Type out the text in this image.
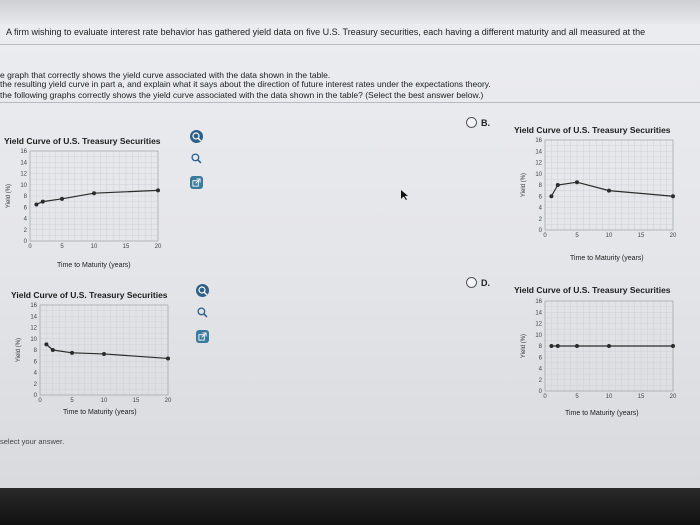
A firm wishing to evaluate interest rate behavior has gathered yield data on five U.S. Treasury securities, each having a different maturity and all measured at the
e graph that correctly shows the yield curve associated with the data shown in the table.
the resulting yield curve in part a, and explain what it says about the direction of future interest rates under the expectations theory.
the following graphs correctly shows the yield curve associated with the data shown in the table? (Select the best answer below.)
B.
D.
Yield Curve of U.S. Treasury Securities
16
14
12
10
8
6
4
2
0
0	5	10	15	20
Yield (%)
Time to Maturity (years)
Yield Curve of U.S. Treasury Securities
16
14
12
10
8
6
4
2
0
0	5	10	15	20
Yield (%)
Time to Maturity (years)
Yield Curve of U.S. Treasury Securities
16
14
12
10
8
6
4
2
0
0	5	10	15	20
Yield (%)
Time to Maturity (years)
Yield Curve of U.S. Treasury Securities
16
14
12
10
8
6
4
2
0
0	5	10	15	20
Yield (%)
Time to Maturity (years)
select your answer.
